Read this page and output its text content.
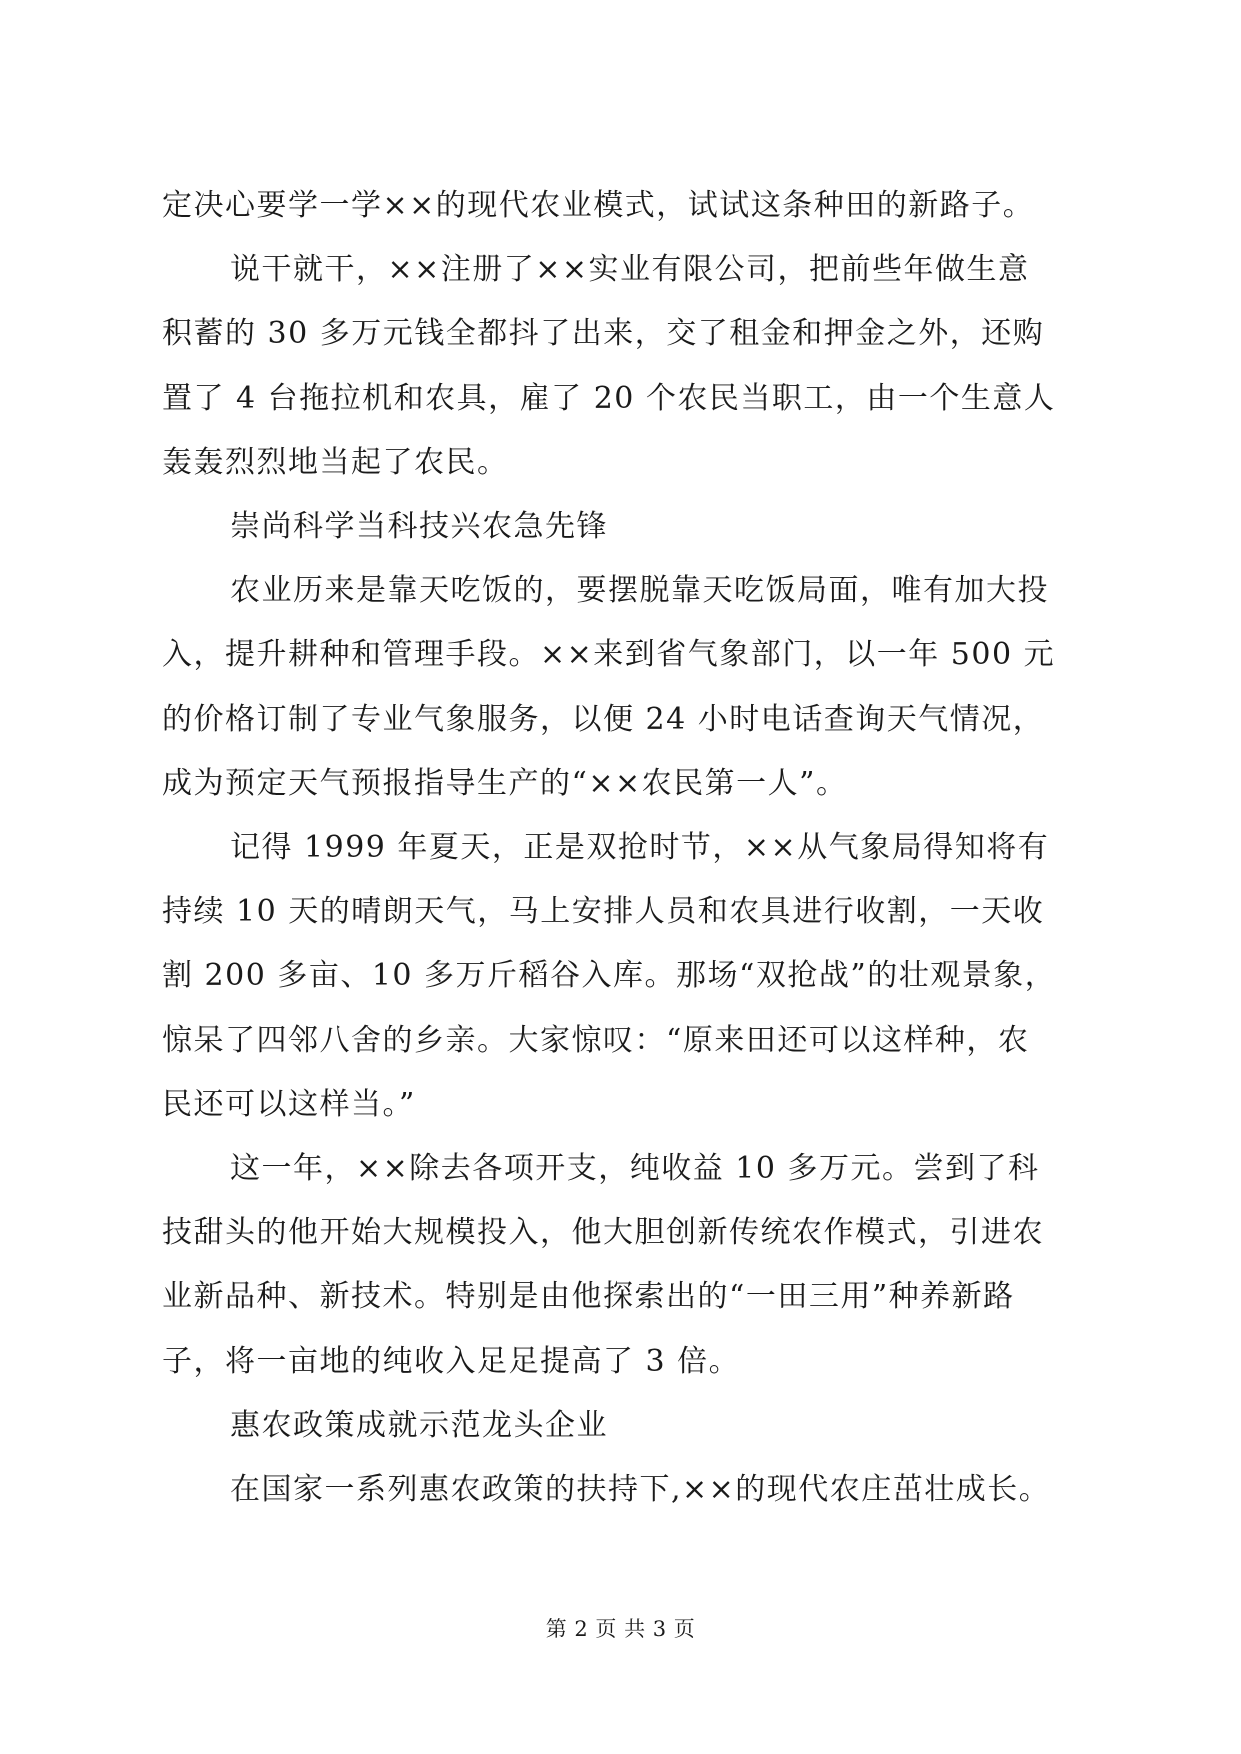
定决心要学一学××的现代农业模式，试试这条种田的新路子。
说干就干，××注册了××实业有限公司，把前些年做生意
积蓄的 30 多万元钱全都抖了出来，交了租金和押金之外，还购
置了 4 台拖拉机和农具，雇了 20 个农民当职工，由一个生意人
轰轰烈烈地当起了农民。
崇尚科学当科技兴农急先锋
农业历来是靠天吃饭的，要摆脱靠天吃饭局面，唯有加大投
入，提升耕种和管理手段。××来到省气象部门，以一年 500 元
的价格订制了专业气象服务，以便 24 小时电话查询天气情况，
成为预定天气预报指导生产的“××农民第一人”。
记得 1999 年夏天，正是双抢时节，××从气象局得知将有
持续 10 天的晴朗天气，马上安排人员和农具进行收割，一天收
割 200 多亩、10 多万斤稻谷入库。那场“双抢战”的壮观景象，
惊呆了四邻八舍的乡亲。大家惊叹：“原来田还可以这样种，农
民还可以这样当。”
这一年，××除去各项开支，纯收益 10 多万元。尝到了科
技甜头的他开始大规模投入，他大胆创新传统农作模式，引进农
业新品种、新技术。特别是由他探索出的“一田三用”种养新路
子，将一亩地的纯收入足足提高了 3 倍。
惠农政策成就示范龙头企业
在国家一系列惠农政策的扶持下,××的现代农庄茁壮成长。
第 2 页 共 3 页
